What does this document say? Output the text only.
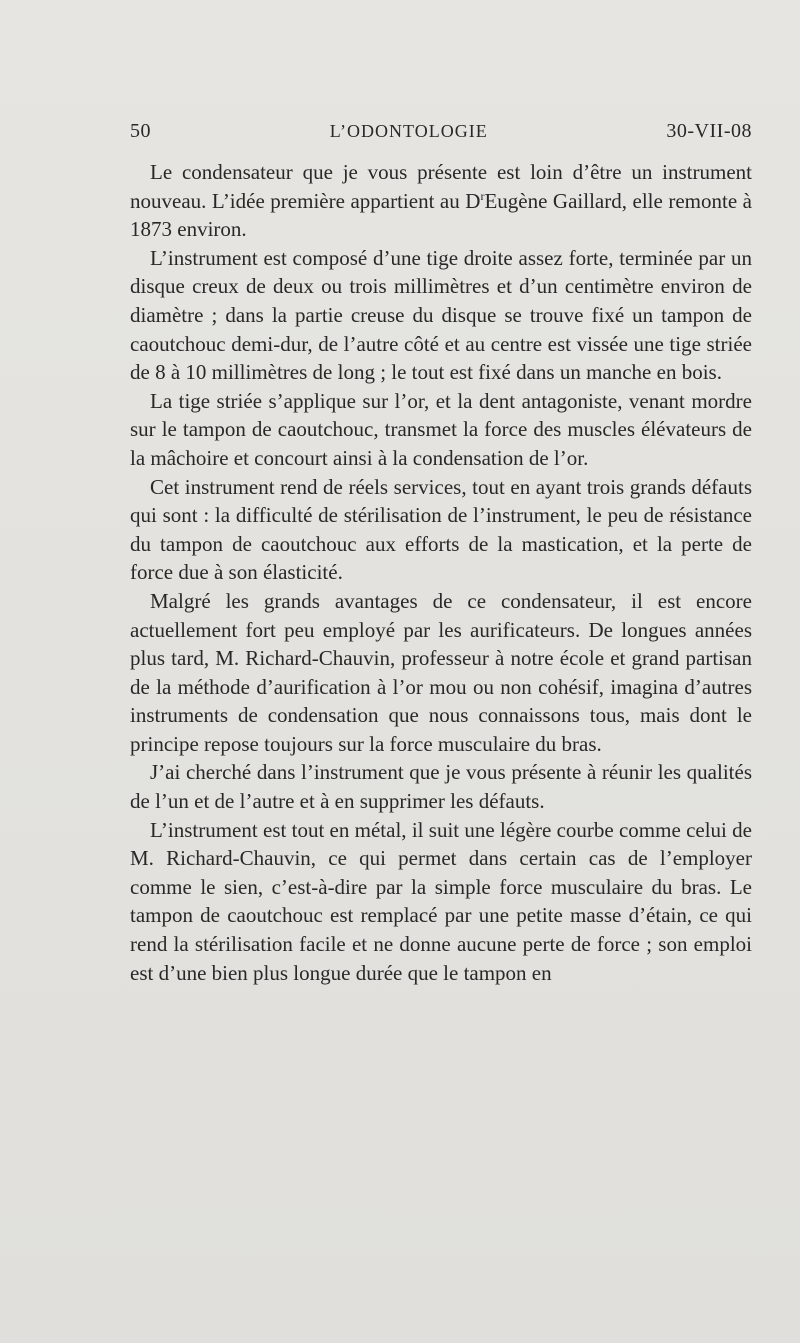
50	L’ODONTOLOGIE	30-VII-08

Le condensateur que je vous présente est loin d’être un instrument nouveau. L’idée première appartient au $D^rEugène$ Gaillard, elle remonte à 1873 environ.

L’instrument est composé d’une tige droite assez forte, terminée par un disque creux de deux ou trois millimètres et d’un centimètre environ de diamètre ; dans la partie creuse du disque se trouve fixé un tampon de caoutchouc demi-dur, de l’autre côté et au centre est vissée une tige striée de 8 à 10 millimètres de long ; le tout est fixé dans un manche en bois.

La tige striée s’applique sur l’or, et la dent antagoniste, venant mordre sur le tampon de caoutchouc, transmet la force des muscles élévateurs de la mâchoire et concourt ainsi à la condensation de l’or.

Cet instrument rend de réels services, tout en ayant trois grands défauts qui sont : la difficulté de stérilisation de l’instrument, le peu de résistance du tampon de caoutchouc aux efforts de la mastication, et la perte de force due à son élasticité.

Malgré les grands avantages de ce condensateur, il est encore actuellement fort peu employé par les aurificateurs. De longues années plus tard, M. Richard-Chauvin, professeur à notre école et grand partisan de la méthode d’aurification à l’or mou ou non cohésif, imagina d’autres instruments de condensation que nous connaissons tous, mais dont le principe repose toujours sur la force musculaire du bras.

J’ai cherché dans l’instrument que je vous présente à réunir les qualités de l’un et de l’autre et à en supprimer les défauts.

L’instrument est tout en métal, il suit une légère courbe comme celui de M. Richard-Chauvin, ce qui permet dans certain cas de l’employer comme le sien, c’est-à-dire par la simple force musculaire du bras. Le tampon de caoutchouc est remplacé par une petite masse d’étain, ce qui rend la stérilisation facile et ne donne aucune perte de force ; son emploi est d’une bien plus longue durée que le tampon en
